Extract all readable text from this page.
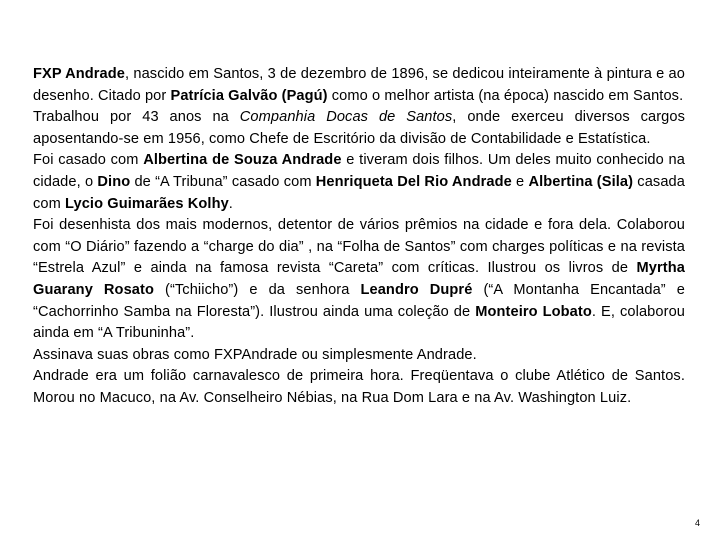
FXP Andrade, nascido em Santos, 3 de dezembro de 1896, se dedicou inteiramente à pintura e ao desenho. Citado por Patrícia Galvão (Pagú) como o melhor artista (na época) nascido em Santos.

Trabalhou por 43 anos na Companhia Docas de Santos, onde exerceu diversos cargos aposentando-se em 1956, como Chefe de Escritório da divisão de Contabilidade e Estatística.

Foi casado com Albertina de Souza Andrade e tiveram dois filhos. Um deles muito conhecido na cidade, o Dino de “A Tribuna” casado com Henriqueta Del Rio Andrade e Albertina (Sila) casada com Lycio Guimarães Kolhy.

Foi desenhista dos mais modernos, detentor de vários prêmios na cidade e fora dela. Colaborou com “O Diário” fazendo a “charge do dia” , na “Folha de Santos” com charges políticas e na revista “Estrela Azul” e ainda na famosa revista “Careta” com críticas. Ilustrou os livros de Myrtha Guarany Rosato (“Tchiicho”) e da senhora Leandro Dupré (“A Montanha Encantada” e “Cachorrinho Samba na Floresta”). Ilustrou ainda uma coleção de Monteiro Lobato. E, colaborou ainda em “A Tribuninha”.

Assinava suas obras como FXPAndrade ou simplesmente Andrade.

Andrade era um folião carnavalesco de primeira hora. Freqüentava o clube Atlético de Santos. Morou no Macuco, na Av. Conselheiro Nébias, na Rua Dom Lara e na Av. Washington Luiz.

4
